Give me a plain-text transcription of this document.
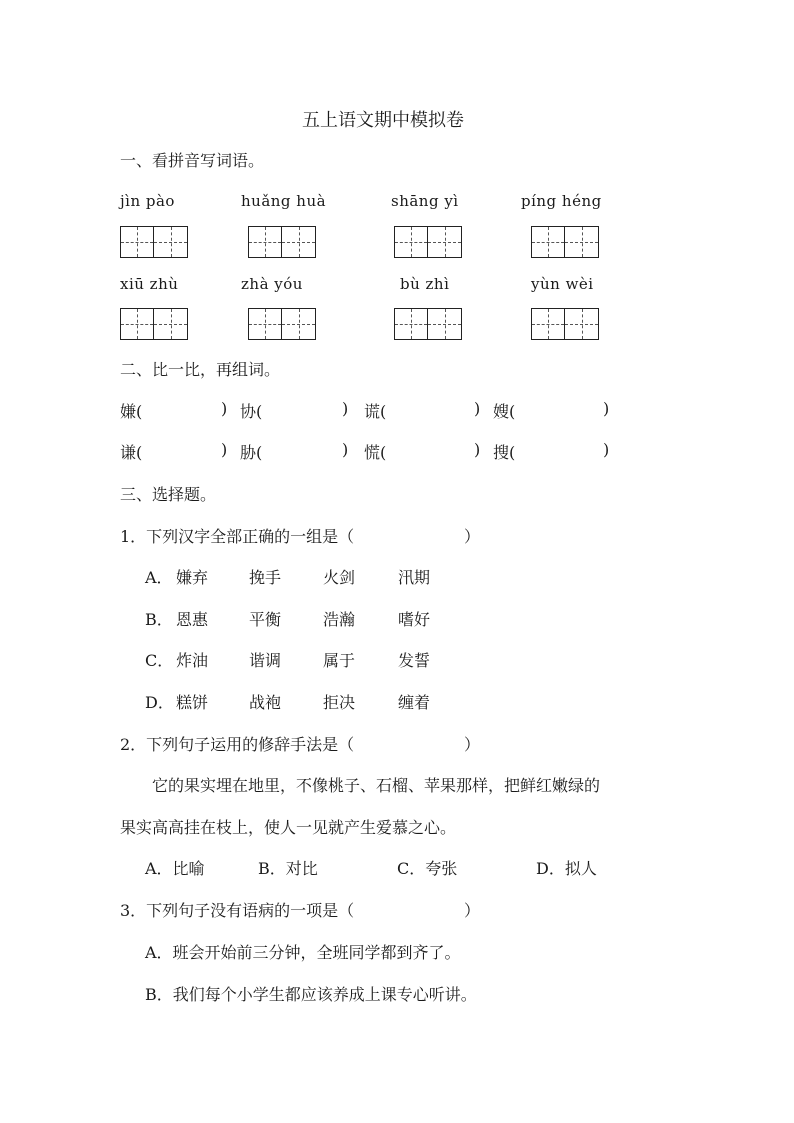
五上语文期中模拟卷
一、看拼音写词语。
jìn pào	huǎng huà	shāng yì	píng héng
xiū zhù	zhà yóu	bù zhì	yùn wèi
二、比一比，再组词。
嫌(	) 协(	) 谎(	) 嫂(	)
谦(	) 胁(	) 慌(	) 搜(	)
三、选择题。
1．下列汉字全部正确的一组是（	）
A． 嫌弃	挽手	火剑	汛期
B． 恩惠	平衡	浩瀚	嗜好
C． 炸油	谐调	属于	发誓
D． 糕饼	战袍	拒决	缠着
2．下列句子运用的修辞手法是（	）
它的果实埋在地里，不像桃子、石榴、苹果那样，把鲜红嫩绿的
果实高高挂在枝上，使人一见就产生爱慕之心。
A．比喻	B．对比	C．夸张	D．拟人
3．下列句子没有语病的一项是（	）
A．班会开始前三分钟，全班同学都到齐了。
B．我们每个小学生都应该养成上课专心听讲。
